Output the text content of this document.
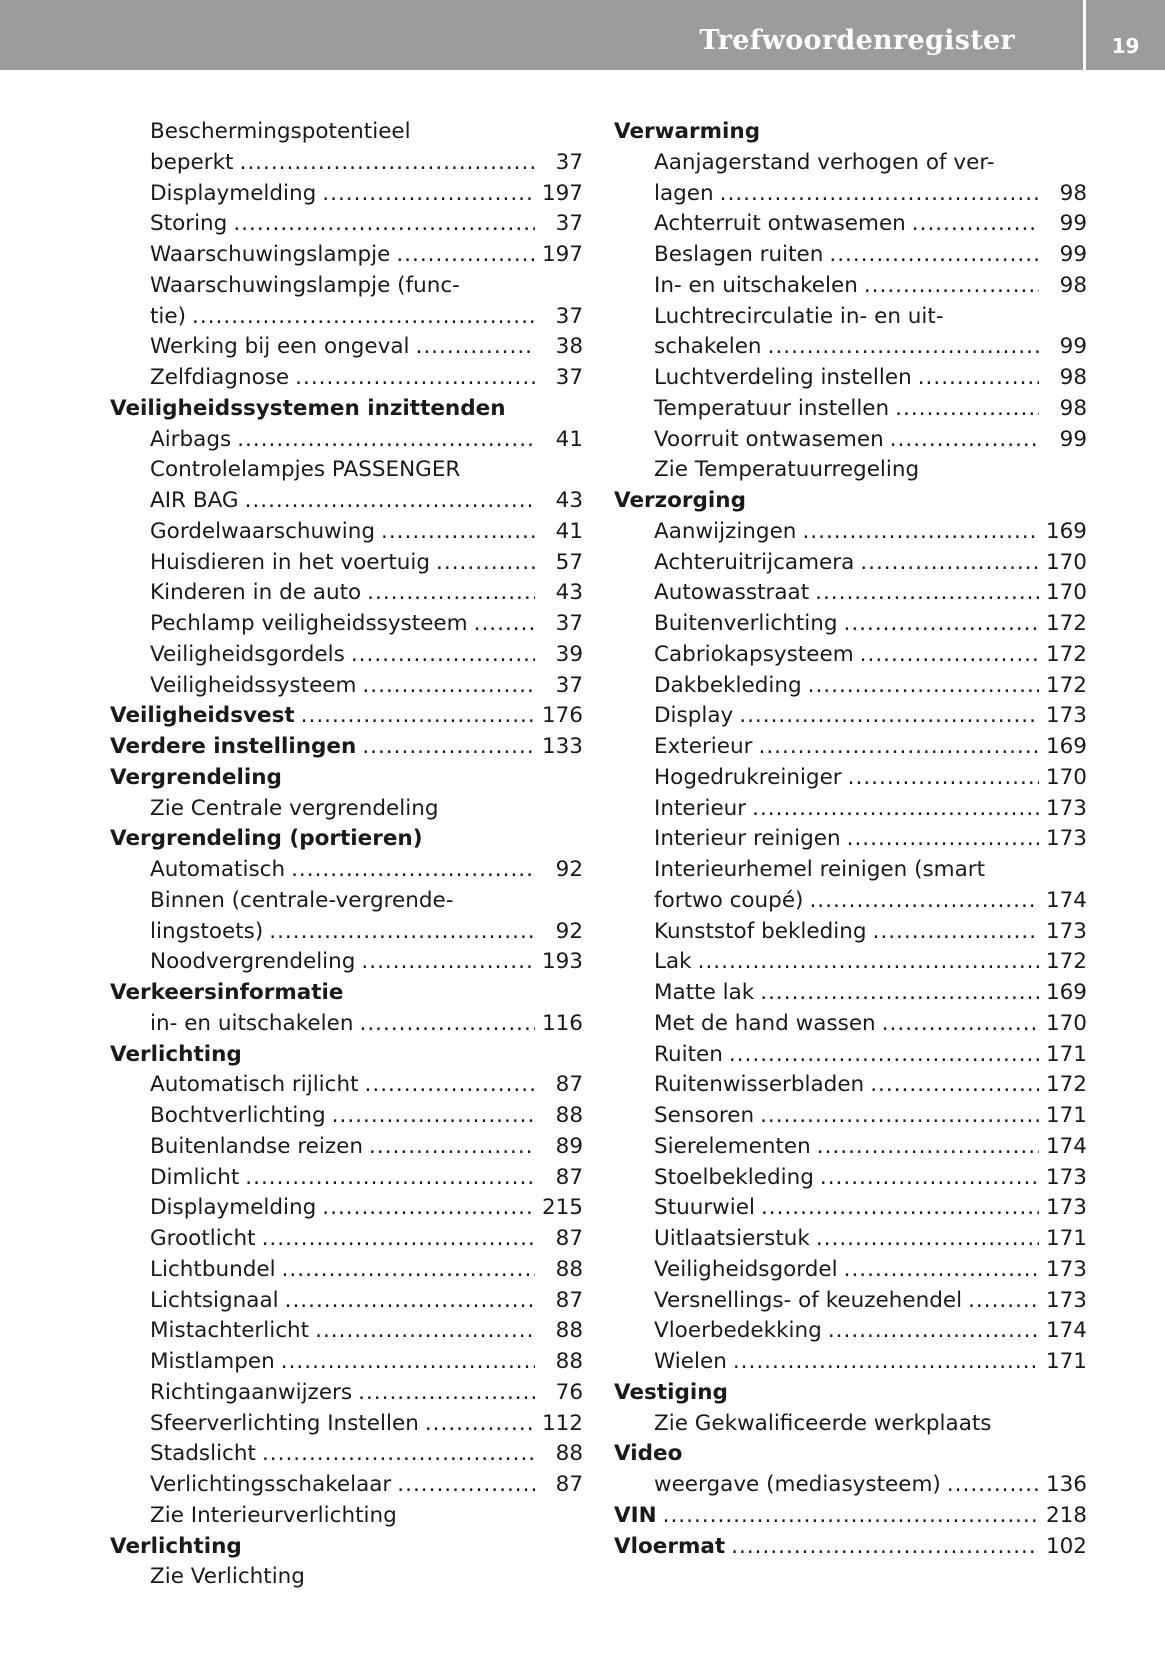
Trefwoordenregister	19
Beschermingspotentieel
beperkt .....	37
Displaymelding .....	197
Storing .....	37
Waarschuwingslampje .....	197
Waarschuwingslampje (func-
tie) .....	37
Werking bij een ongeval .....	38
Zelfdiagnose .....	37
Veiligheidssystemen inzittenden
Airbags .....	41
Controlelampjes PASSENGER
AIR BAG .....	43
Gordelwaarschuwing .....	41
Huisdieren in het voertuig .....	57
Kinderen in de auto .....	43
Pechlamp veiligheidssysteem .....	37
Veiligheidsgordels .....	39
Veiligheidssysteem .....	37
Veiligheidsvest .....	176
Verdere instellingen .....	133
Vergrendeling
Zie Centrale vergrendeling
Vergrendeling (portieren)
Automatisch .....	92
Binnen (centrale-vergrende-
lingstoets) .....	92
Noodvergrendeling .....	193
Verkeersinformatie
in- en uitschakelen .....	116
Verlichting
Automatisch rijlicht .....	87
Bochtverlichting .....	88
Buitenlandse reizen .....	89
Dimlicht .....	87
Displaymelding .....	215
Grootlicht .....	87
Lichtbundel .....	88
Lichtsignaal .....	87
Mistachterlicht .....	88
Mistlampen .....	88
Richtingaanwijzers .....	76
Sfeerverlichting Instellen .....	112
Stadslicht .....	88
Verlichtingsschakelaar .....	87
Zie Interieurverlichting
Verlichting
Zie Verlichting
Verwarming
Aanjagerstand verhogen of ver-
lagen .....	98
Achterruit ontwasemen .....	99
Beslagen ruiten .....	99
In- en uitschakelen .....	98
Luchtrecirculatie in- en uit-
schakelen .....	99
Luchtverdeling instellen .....	98
Temperatuur instellen .....	98
Voorruit ontwasemen .....	99
Zie Temperatuurregeling
Verzorging
Aanwijzingen .....	169
Achteruitrijcamera .....	170
Autowasstraat .....	170
Buitenverlichting .....	172
Cabriokapsysteem .....	172
Dakbekleding .....	172
Display .....	173
Exterieur .....	169
Hogedrukreiniger .....	170
Interieur .....	173
Interieur reinigen .....	173
Interieurhemel reinigen (smart
fortwo coupé) .....	174
Kunststof bekleding .....	173
Lak .....	172
Matte lak .....	169
Met de hand wassen .....	170
Ruiten .....	171
Ruitenwisserbladen .....	172
Sensoren .....	171
Sierelementen .....	174
Stoelbekleding .....	173
Stuurwiel .....	173
Uitlaatsierstuk .....	171
Veiligheidsgordel .....	173
Versnellings- of keuzehendel .....	173
Vloerbedekking .....	174
Wielen .....	171
Vestiging
Zie Gekwalificeerde werkplaats
Video
weergave (mediasysteem) .....	136
VIN .....	218
Vloermat .....	102
